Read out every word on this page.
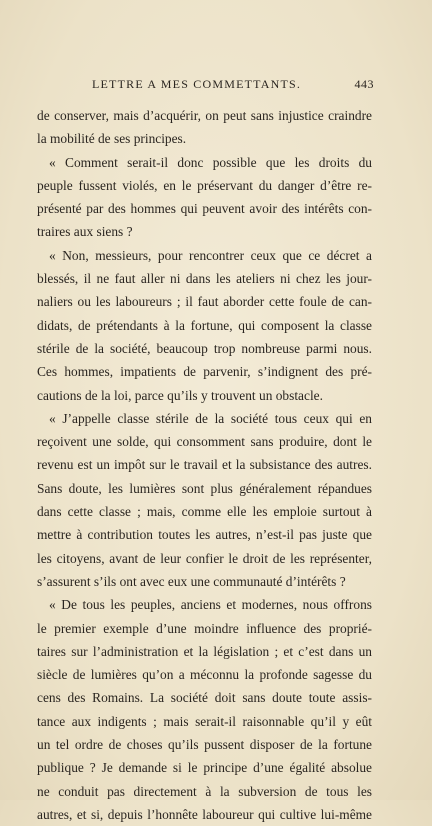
LETTRE A MES COMMETTANTS.	443
de conserver, mais d’acquérir, on peut sans injustice craindre
la mobilité de ses principes.
« Comment serait-il donc possible que les droits du
peuple fussent violés, en le préservant du danger d’être re-
présenté par des hommes qui peuvent avoir des intérêts con-
traires aux siens ?
« Non, messieurs, pour rencontrer ceux que ce décret a
blessés, il ne faut aller ni dans les ateliers ni chez les jour-
naliers ou les laboureurs ; il faut aborder cette foule de can-
didats, de prétendants à la fortune, qui composent la classe
stérile de la société, beaucoup trop nombreuse parmi nous.
Ces hommes, impatients de parvenir, s’indignent des pré-
cautions de la loi, parce qu’ils y trouvent un obstacle.
« J’appelle classe stérile de la société tous ceux qui en
reçoivent une solde, qui consomment sans produire, dont le
revenu est un impôt sur le travail et la subsistance des autres.
Sans doute, les lumières sont plus généralement répandues
dans cette classe ; mais, comme elle les emploie surtout à
mettre à contribution toutes les autres, n’est-il pas juste que
les citoyens, avant de leur confier le droit de les représenter,
s’assurent s’ils ont avec eux une communauté d’intérêts ?
« De tous les peuples, anciens et modernes, nous offrons
le premier exemple d’une moindre influence des proprié-
taires sur l’administration et la législation ; et c’est dans un
siècle de lumières qu’on a méconnu la profonde sagesse du
cens des Romains. La société doit sans doute toute assis-
tance aux indigents ; mais serait-il raisonnable qu’il y eût
un tel ordre de choses qu’ils pussent disposer de la fortune
publique ? Je demande si le principe d’une égalité absolue
ne conduit pas directement à la subversion de tous les
autres, et si, depuis l’honnête laboureur qui cultive lui-même
